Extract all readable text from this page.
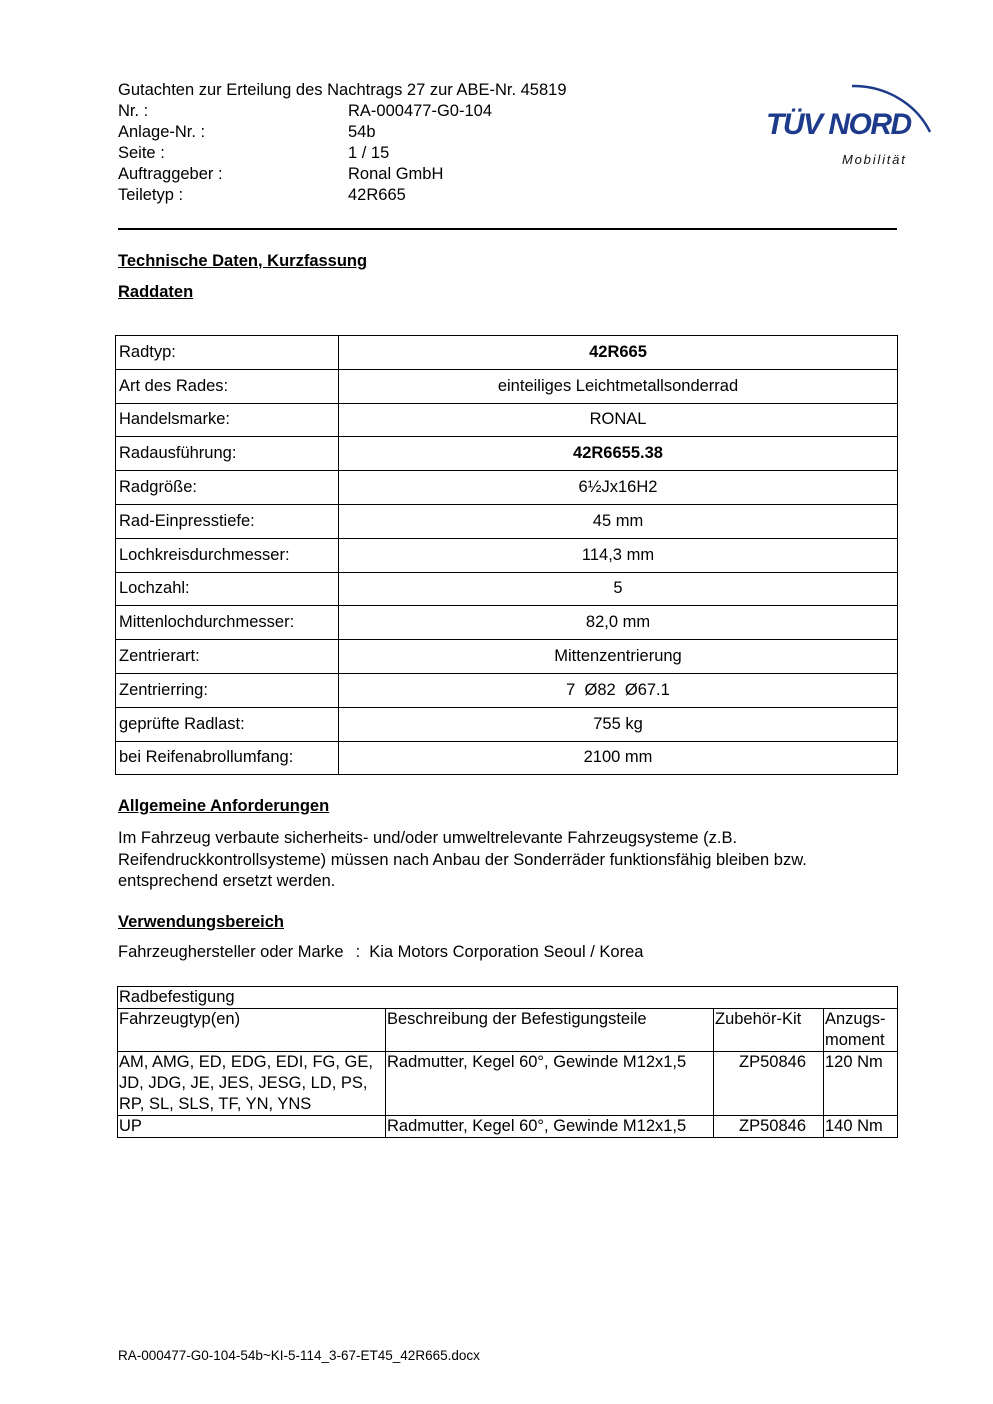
Gutachten zur Erteilung des Nachtrags 27 zur ABE-Nr. 45819
Nr. :	RA-000477-G0-104
Anlage-Nr. :	54b
Seite :	1 / 15
Auftraggeber :	Ronal GmbH
Teiletyp :	42R665
TÜV NORD
Mobilität
Technische Daten, Kurzfassung
Raddaten
Radtyp:	42R665
Art des Rades:	einteiliges Leichtmetallsonderrad
Handelsmarke:	RONAL
Radausführung:	42R6655.38
Radgröße:	6½Jx16H2
Rad-Einpresstiefe:	45 mm
Lochkreisdurchmesser:	114,3 mm
Lochzahl:	5
Mittenlochdurchmesser:	82,0 mm
Zentrierart:	Mittenzentrierung
Zentrierring:	7  Ø82  Ø67.1
geprüfte Radlast:	755 kg
bei Reifenabrollumfang:	2100 mm
Allgemeine Anforderungen
Im Fahrzeug verbaute sicherheits- und/oder umweltrelevante Fahrzeugsysteme (z.B. Reifendruckkontrollsysteme) müssen nach Anbau der Sonderräder funktionsfähig bleiben bzw. entsprechend ersetzt werden.
Verwendungsbereich
Fahrzeughersteller oder Marke : Kia Motors Corporation Seoul / Korea
Radbefestigung			
Fahrzeugtyp(en)	Beschreibung der Befestigungsteile	Zubehör-Kit	Anzugs-moment
AM, AMG, ED, EDG, EDI, FG, GE, JD, JDG, JE, JES, JESG, LD, PS, RP, SL, SLS, TF, YN, YNS	Radmutter, Kegel 60°, Gewinde M12x1,5	ZP50846	120 Nm
UP	Radmutter, Kegel 60°, Gewinde M12x1,5	ZP50846	140 Nm
RA-000477-G0-104-54b~KI-5-114_3-67-ET45_42R665.docx
